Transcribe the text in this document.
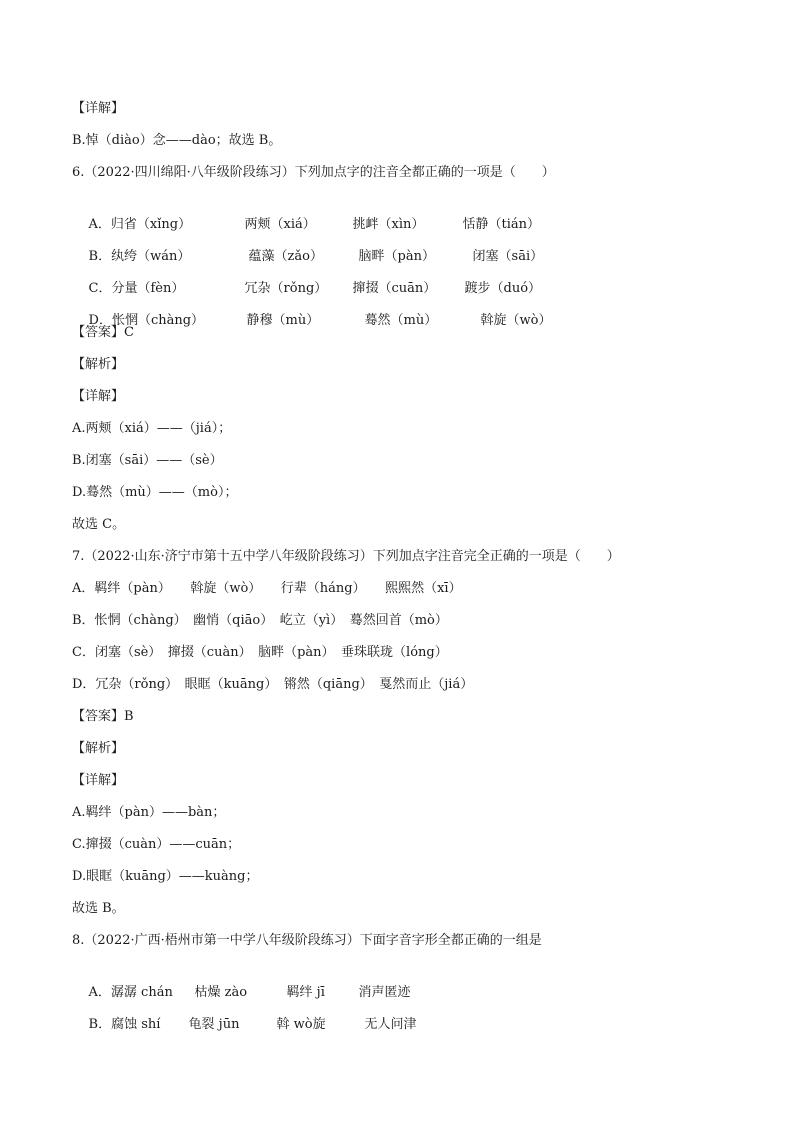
【详解】
B.悼（diào）念——dào；故选 B。
6.（2022·四川绵阳·八年级阶段练习）下列加点字的注音全都正确的一项是（　　）

A．归省（xǐng）	两颊（xiá）	挑衅（xìn）	恬静（tián）

B．纨绔（wán）	蕴藻（zǎo）	脑畔（pàn）	闭塞（sāi）

C．分量（fèn）	冗杂（rǒng） 撺掇（cuān） 踱步（duó）

D．怅惘（chàng）	静穆（mù）	蓦然（mù）	斡旋（wò）

【答案】C
【解析】
【详解】
A.两颊（xiá）——（jiá）；
B.闭塞（sāi）——（sè）
D.蓦然（mù）——（mò）；
故选 C。
7.（2022·山东·济宁市第十五中学八年级阶段练习）下列加点字注音完全正确的一项是（　　）
A．羁绊（pàn）　　斡旋（wò）　　行辈（háng）　　熙熙然（xī）
B．怅惘（chàng）　幽悄（qiāo）　屹立（yì）　蓦然回首（mò）
C．闭塞（sè）　撺掇（cuàn）　脑畔（pàn）　垂珠联珑（lóng）
D．冗杂（rǒng）　眼眶（kuāng）　锵然（qiāng）　戛然而止（jiá）
【答案】B
【解析】
【详解】
A.羁绊（pàn）——bàn；
C.撺掇（cuàn）——cuān；
D.眼眶（kuāng）——kuàng；
故选 B。
8.（2022·广西·梧州市第一中学八年级阶段练习）下面字音字形全都正确的一组是

A．潺潺 chán 枯燥 zào	羁绊 jī	消声匿迹

B．腐蚀 shí 龟裂 jūn	斡 wò旋	无人问津
